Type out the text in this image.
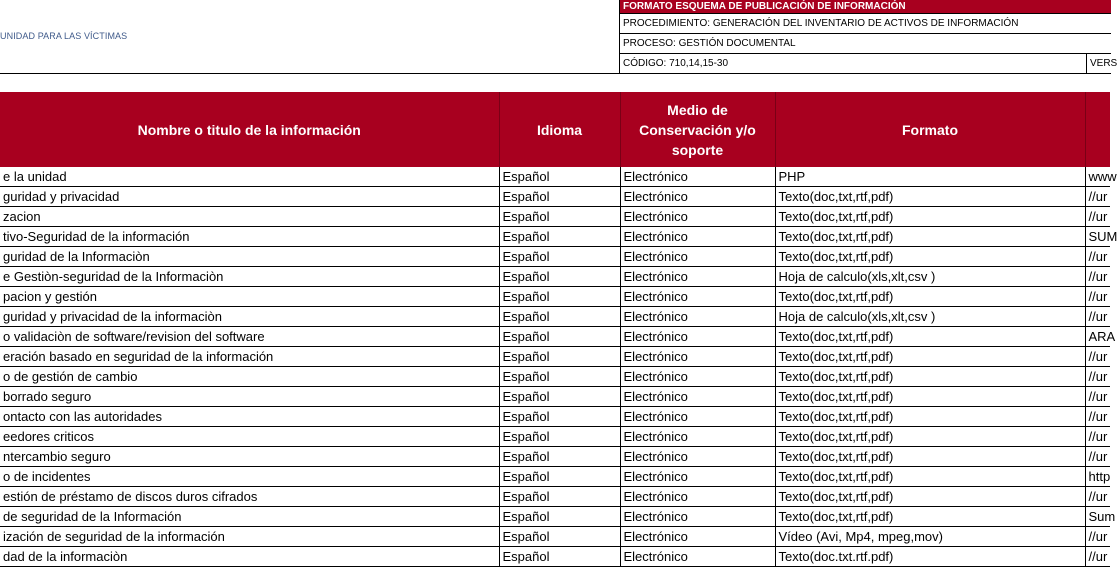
UNIDAD PARA LAS VÍCTIMAS
FORMATO ESQUEMA DE PUBLICACIÓN DE INFORMACIÓN
PROCEDIMIENTO: GENERACIÓN DEL INVENTARIO DE ACTIVOS DE INFORMACIÓN
PROCESO: GESTIÓN DOCUMENTAL
CÓDIGO: 710,14,15-30	VERS
Nombre o titulo de la información	Idioma	Medio de Conservación y/o soporte	Formato	
e la unidad	Español	Electrónico	PHP	www
guridad y privacidad	Español	Electrónico	Texto(doc,txt,rtf,pdf)	//ur
zacion	Español	Electrónico	Texto(doc,txt,rtf,pdf)	//ur
tivo-Seguridad de la información	Español	Electrónico	Texto(doc,txt,rtf,pdf)	SUM
guridad de la Informaciòn	Español	Electrónico	Texto(doc,txt,rtf,pdf)	//ur
e Gestiòn-seguridad de la Informaciòn	Español	Electrónico	Hoja de calculo(xls,xlt,csv )	//ur
pacion y gestión	Español	Electrónico	Texto(doc,txt,rtf,pdf)	//ur
guridad y privacidad de la informaciòn	Español	Electrónico	Hoja de calculo(xls,xlt,csv )	//ur
o validaciòn de software/revision del software	Español	Electrónico	Texto(doc,txt,rtf,pdf)	ARA
eración basado en seguridad de la información	Español	Electrónico	Texto(doc,txt,rtf,pdf)	//ur
o de gestión de cambio	Español	Electrónico	Texto(doc,txt,rtf,pdf)	//ur
borrado seguro	Español	Electrónico	Texto(doc,txt,rtf,pdf)	//ur
ontacto con las autoridades	Español	Electrónico	Texto(doc,txt,rtf,pdf)	//ur
eedores criticos	Español	Electrónico	Texto(doc,txt,rtf,pdf)	//ur
ntercambio seguro	Español	Electrónico	Texto(doc,txt,rtf,pdf)	//ur
o de incidentes	Español	Electrónico	Texto(doc,txt,rtf,pdf)	http
estión de préstamo de discos duros cifrados	Español	Electrónico	Texto(doc,txt,rtf,pdf)	//ur
de seguridad de la Información	Español	Electrónico	Texto(doc,txt,rtf,pdf)	Sum
ización de seguridad de la información	Español	Electrónico	Vídeo (Avi, Mp4, mpeg,mov)	//ur
dad de la informaciòn	Español	Electrónico	Texto(doc.txt.rtf.pdf)	//ur
